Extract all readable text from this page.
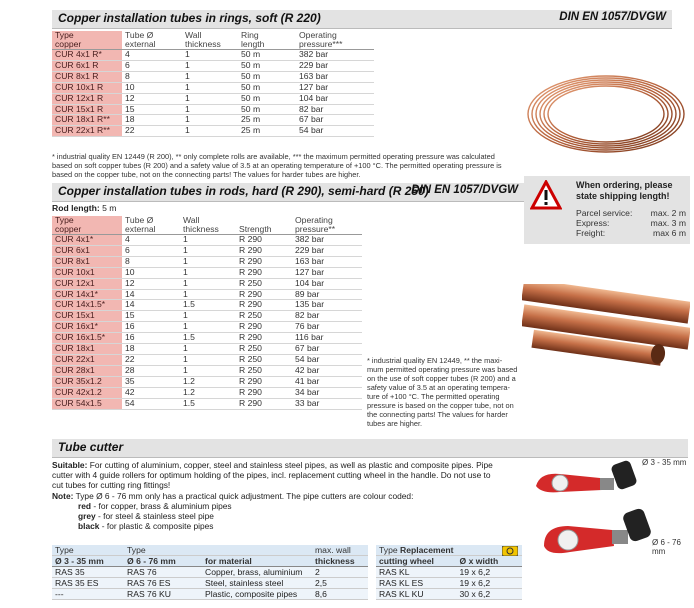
Copper installation tubes in rings, soft (R 220)	DIN EN 1057/DVGW
Type	Tube Ø	Wall	Ring	Operating
copper	external	thickness	length	pressure***
CUR 4x1 R*	4	1	50 m	382 bar
CUR 6x1 R	6	1	50 m	229 bar
CUR 8x1 R	8	1	50 m	163 bar
CUR 10x1 R	10	1	50 m	127 bar
CUR 12x1 R	12	1	50 m	104 bar
CUR 15x1 R	15	1	50 m	82 bar
CUR 18x1 R**	18	1	25 m	67 bar
CUR 22x1 R**	22	1	25 m	54 bar
* industrial quality EN 12449 (R 200), ** only complete rolls are available, *** the maximum permitted operating pressure was calculated
based on soft copper tubes (R 200) and a safety value of 3.5 at an operating temperature of +100 °C. The permitted operating pressure is
based on the copper tube, not on the connecting parts! The values for harder tubes are higher.
Copper installation tubes in rods, hard (R 290), semi-hard (R 250)
DIN EN 1057/DVGW
Rod length: 5 m
Type	Tube Ø	Wall		Operating
copper	external	thickness	Strength	pressure**
CUR 4x1*	4	1	R 290	382 bar
CUR 6x1	6	1	R 290	229 bar
CUR 8x1	8	1	R 290	163 bar
CUR 10x1	10	1	R 290	127 bar
CUR 12x1	12	1	R 250	104 bar
CUR 14x1*	14	1	R 290	89 bar
CUR 14x1.5*	14	1.5	R 290	135 bar
CUR 15x1	15	1	R 250	82 bar
CUR 16x1*	16	1	R 290	76 bar
CUR 16x1.5*	16	1.5	R 290	116 bar
CUR 18x1	18	1	R 250	67 bar
CUR 22x1	22	1	R 250	54 bar
CUR 28x1	28	1	R 250	42 bar
CUR 35x1.2	35	1.2	R 290	41 bar
CUR 42x1.2	42	1.2	R 290	34 bar
CUR 54x1.5	54	1.5	R 290	33 bar
When ordering, please
state shipping length!
Parcel service: max. 2 m
Express:	max. 3 m
Freight:	max 6 m
* industrial quality EN 12449, ** the maxi-
mum permitted operating pressure was based
on the use of soft copper tubes (R 200) and a
safety value of 3.5 at an operating tempera-
ture of +100 °C. The permitted operating
pressure is based on the copper tube, not on
the connecting parts! The values for harder
tubes are higher.
Tube cutter
Suitable: For cutting of aluminium, copper, steel and stainless steel pipes, as well as plastic and composite pipes. Pipe
cutter with 4 guide rollers for optimum holding of the pipes, incl. replacement cutting wheel in the handle. Do not use to
cut tubes for cutting ring fittings!
Note: Type Ø 6 - 76 mm only has a practical quick adjustment. The pipe cutters are colour coded:
red - for copper, brass & aluminium pipes
grey - for steel & stainless steel pipe
black - for plastic & composite pipes
Ø 3 - 35 mm
Ø 6 - 76 mm
Type	Type		max. wall
Ø 3 - 35 mm	Ø 6 - 76 mm	for material	thickness
RAS 35	RAS 76	Copper, brass, aluminium	2
RAS 35 ES	RAS 76 ES	Steel, stainless steel	2,5
---	RAS 76 KU	Plastic, composite pipes	8,6
Type Replacement	
cutting wheel	Ø x width
RAS KL	19 x 6,2
RAS KL ES	19 x 6,2
RAS KL KU	30 x 6,2
